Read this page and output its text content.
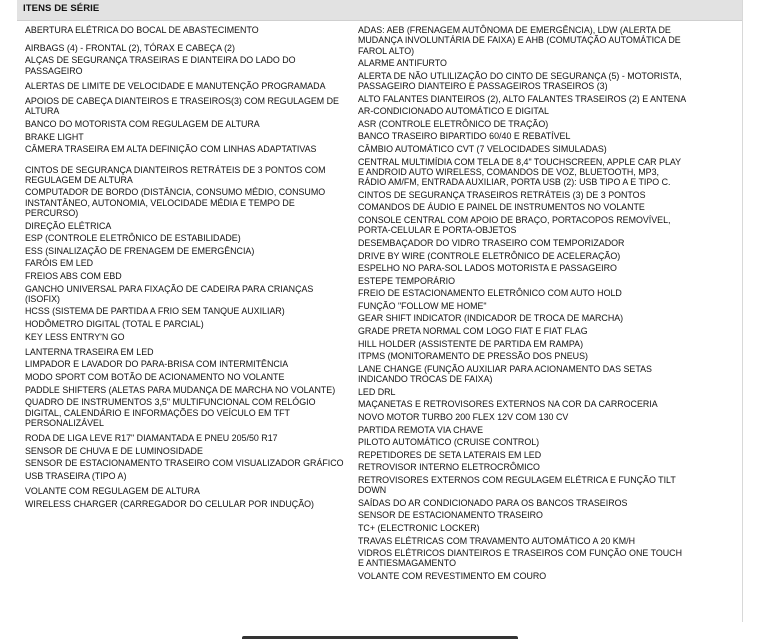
ITENS DE SÉRIE
ABERTURA ELÉTRICA DO BOCAL DE ABASTECIMENTO
AIRBAGS (4) - FRONTAL (2), TÓRAX E CABEÇA (2)
ALÇAS DE SEGURANÇA TRASEIRAS E DIANTEIRA DO LADO DO PASSAGEIRO
ALERTAS DE LIMITE DE VELOCIDADE E MANUTENÇÃO PROGRAMADA
APOIOS DE CABEÇA DIANTEIROS E TRASEIROS(3) COM REGULAGEM DE ALTURA
BANCO DO MOTORISTA COM REGULAGEM DE ALTURA
BRAKE LIGHT
CÂMERA TRASEIRA EM ALTA DEFINIÇÃO COM LINHAS ADAPTATIVAS
CINTOS DE SEGURANÇA DIANTEIROS RETRÁTEIS DE 3 PONTOS COM REGULAGEM DE ALTURA
COMPUTADOR DE BORDO (DISTÂNCIA, CONSUMO MÉDIO, CONSUMO INSTANTÂNEO, AUTONOMIA, VELOCIDADE MÉDIA E TEMPO DE PERCURSO)
DIREÇÃO ELÉTRICA
ESP (CONTROLE ELETRÔNICO DE ESTABILIDADE)
ESS (SINALIZAÇÃO DE FRENAGEM DE EMERGÊNCIA)
FARÓIS EM LED
FREIOS ABS COM EBD
GANCHO UNIVERSAL PARA FIXAÇÃO DE CADEIRA PARA CRIANÇAS (ISOFIX)
HCSS (SISTEMA DE PARTIDA A FRIO SEM TANQUE AUXILIAR)
HODÔMETRO DIGITAL (TOTAL E PARCIAL)
KEY LESS ENTRY'N GO
LANTERNA TRASEIRA EM LED
LIMPADOR E LAVADOR DO PARA-BRISA COM INTERMITÊNCIA
MODO SPORT COM BOTÃO DE ACIONAMENTO NO VOLANTE
PADDLE SHIFTERS (ALETAS PARA MUDANÇA DE MARCHA NO VOLANTE)
QUADRO DE INSTRUMENTOS 3,5" MULTIFUNCIONAL COM RELÓGIO DIGITAL, CALENDÁRIO E INFORMAÇÕES DO VEÍCULO EM TFT PERSONALIZÁVEL
RODA DE LIGA LEVE R17" DIAMANTADA E PNEU 205/50 R17
SENSOR DE CHUVA E DE LUMINOSIDADE
SENSOR DE ESTACIONAMENTO TRASEIRO COM VISUALIZADOR GRÁFICO
USB TRASEIRA (TIPO A)
VOLANTE COM REGULAGEM DE ALTURA
WIRELESS CHARGER (CARREGADOR DO CELULAR POR INDUÇÃO)
ADAS: AEB (FRENAGEM AUTÔNOMA DE EMERGÊNCIA), LDW (ALERTA DE MUDANÇA INVOLUNTÁRIA DE FAIXA) E AHB (COMUTAÇÃO AUTOMÁTICA DE FAROL ALTO)
ALARME ANTIFURTO
ALERTA DE NÃO UTLILIZAÇÃO DO CINTO DE SEGURANÇA (5) - MOTORISTA, PASSAGEIRO DIANTEIRO E PASSAGEIROS TRASEIROS (3)
ALTO FALANTES DIANTEIROS (2), ALTO FALANTES TRASEIROS (2) E ANTENA
AR-CONDICIONADO AUTOMÁTICO E DIGITAL
ASR (CONTROLE ELETRÔNICO DE TRAÇÃO)
BANCO TRASEIRO BIPARTIDO 60/40 E REBATÍVEL
CÂMBIO AUTOMÁTICO CVT (7 VELOCIDADES SIMULADAS)
CENTRAL MULTIMÍDIA COM TELA DE 8,4" TOUCHSCREEN, APPLE CAR PLAY E ANDROID AUTO WIRELESS, COMANDOS DE VOZ, BLUETOOTH, MP3, RÁDIO AM/FM, ENTRADA AUXILIAR, PORTA USB (2): USB TIPO A E TIPO C.
CINTOS DE SEGURANÇA TRASEIROS RETRÁTEIS (3) DE 3 PONTOS
COMANDOS DE ÁUDIO E PAINEL DE INSTRUMENTOS NO VOLANTE
CONSOLE CENTRAL COM APOIO DE BRAÇO, PORTACOPOS REMOVÍVEL, PORTA-CELULAR E PORTA-OBJETOS
DESEMBAÇADOR DO VIDRO TRASEIRO COM TEMPORIZADOR
DRIVE BY WIRE (CONTROLE ELETRÔNICO DE ACELERAÇÃO)
ESPELHO NO PARA-SOL LADOS MOTORISTA E PASSAGEIRO
ESTEPE TEMPORÁRIO
FREIO DE ESTACIONAMENTO ELETRÔNICO COM AUTO HOLD
FUNÇÃO "FOLLOW ME HOME"
GEAR SHIFT INDICATOR (INDICADOR DE TROCA DE MARCHA)
GRADE PRETA NORMAL COM LOGO FIAT E FIAT FLAG
HILL HOLDER (ASSISTENTE DE PARTIDA EM RAMPA)
ITPMS (MONITORAMENTO DE PRESSÃO DOS PNEUS)
LANE CHANGE (FUNÇÃO AUXILIAR PARA ACIONAMENTO DAS SETAS INDICANDO TROCAS DE FAIXA)
LED DRL
MAÇANETAS E RETROVISORES EXTERNOS NA COR DA CARROCERIA
NOVO MOTOR TURBO 200 FLEX 12V COM 130 CV
PARTIDA REMOTA VIA CHAVE
PILOTO AUTOMÁTICO (CRUISE CONTROL)
REPETIDORES DE SETA LATERAIS EM LED
RETROVISOR INTERNO ELETROCRÔMICO
RETROVISORES EXTERNOS COM REGULAGEM ELÉTRICA E FUNÇÃO TILT DOWN
SAÍDAS DO AR CONDICIONADO PARA OS BANCOS TRASEIROS
SENSOR DE ESTACIONAMENTO TRASEIRO
TC+ (ELECTRONIC LOCKER)
TRAVAS ELÉTRICAS COM TRAVAMENTO AUTOMÁTICO A 20 KM/H
VIDROS ELÉTRICOS DIANTEIROS E TRASEIROS COM FUNÇÃO ONE TOUCH E ANTIESMAGAMENTO
VOLANTE COM REVESTIMENTO EM COURO
